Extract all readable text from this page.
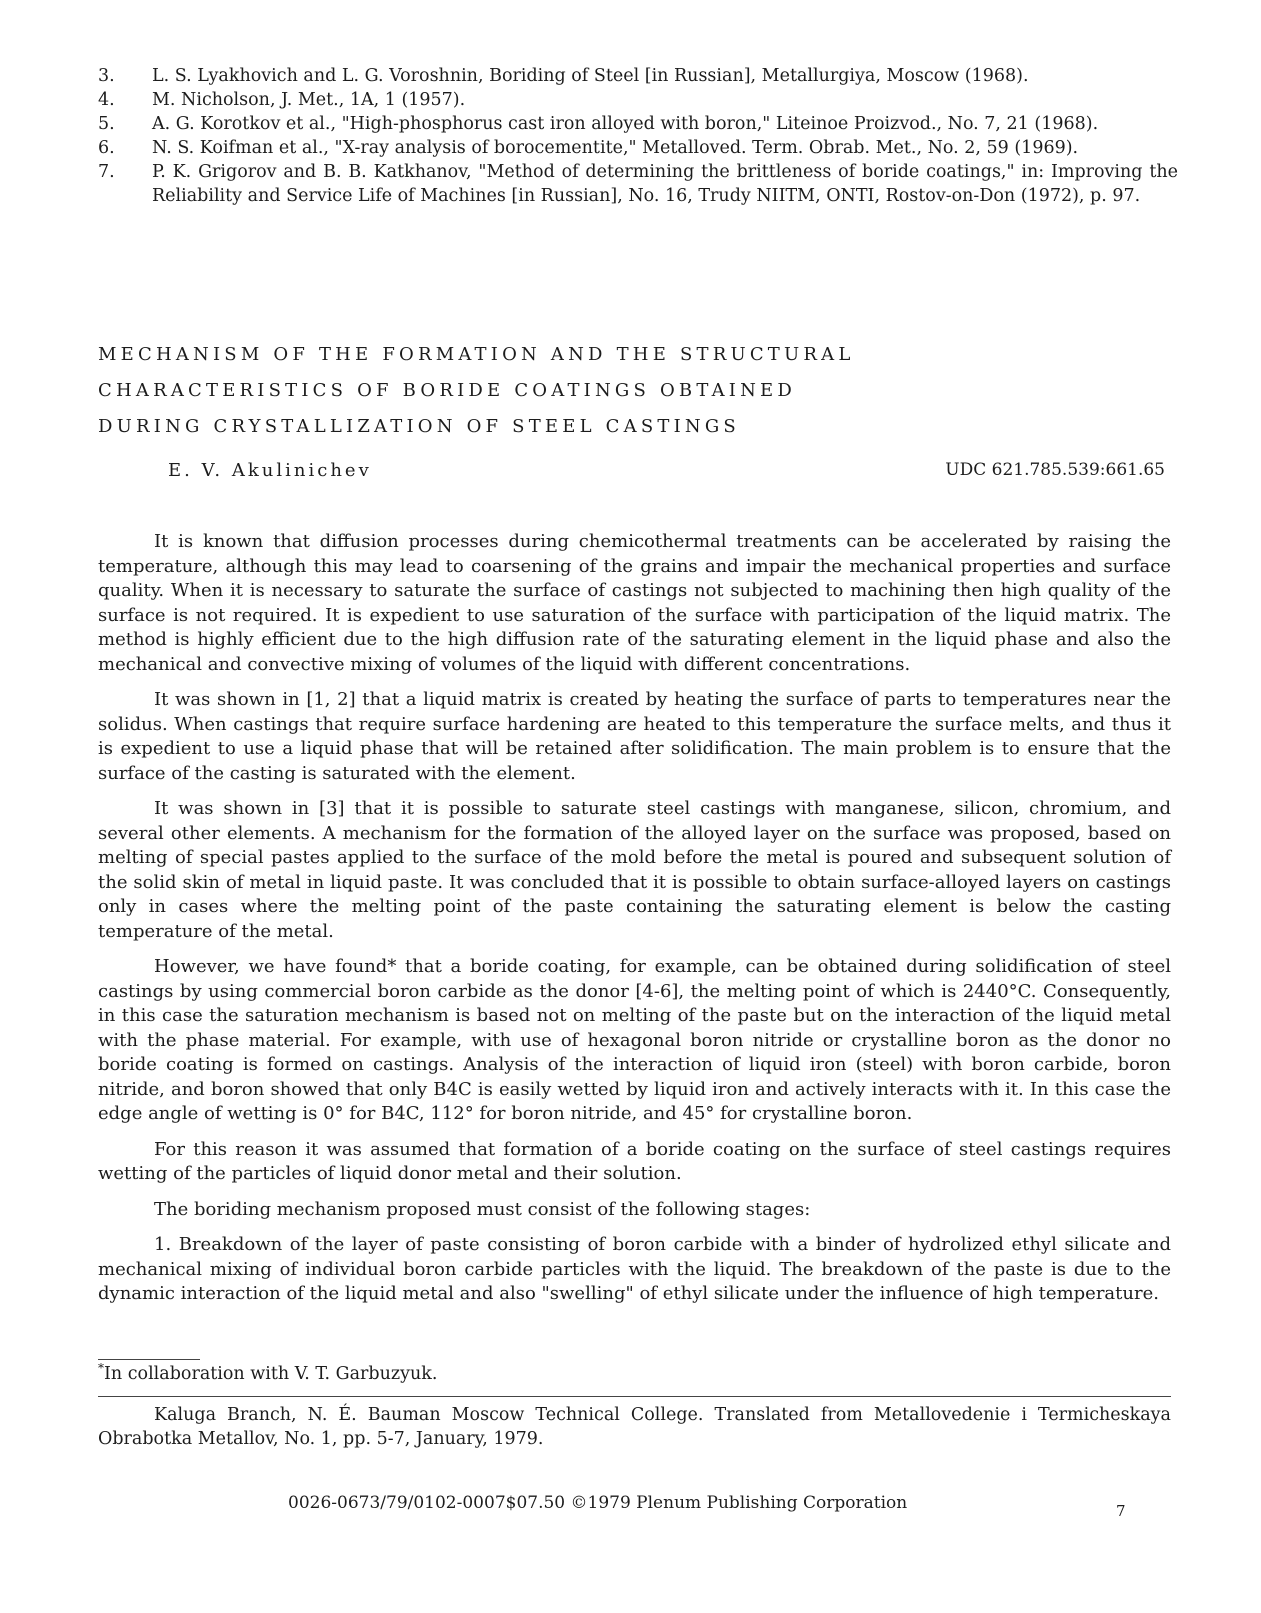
3.	L. S. Lyakhovich and L. G. Voroshnin, Boriding of Steel [in Russian], Metallurgiya, Moscow (1968).
4.	M. Nicholson, J. Met., 1A, 1 (1957).
5.	A. G. Korotkov et al., "High-phosphorus cast iron alloyed with boron," Liteinoe Proizvod., No. 7, 21 (1968).
6.	N. S. Koifman et al., "X-ray analysis of borocementite," Metalloved. Term. Obrab. Met., No. 2, 59 (1969).
7.	P. K. Grigorov and B. B. Katkhanov, "Method of determining the brittleness of boride coatings," in: Improving the Reliability and Service Life of Machines [in Russian], No. 16, Trudy NIITM, ONTI, Rostov-on-Don (1972), p. 97.
MECHANISM OF THE FORMATION AND THE STRUCTURAL
CHARACTERISTICS OF BORIDE COATINGS OBTAINED
DURING CRYSTALLIZATION OF STEEL CASTINGS
E. V. Akulinichev	UDC 621.785.539:661.65

It is known that diffusion processes during chemicothermal treatments can be accelerated by raising the temperature, although this may lead to coarsening of the grains and impair the mechanical properties and surface quality. When it is necessary to saturate the surface of castings not subjected to machining then high quality of the surface is not required. It is expedient to use saturation of the surface with participation of the liquid matrix. The method is highly efficient due to the high diffusion rate of the saturating element in the liquid phase and also the mechanical and convective mixing of volumes of the liquid with different concentrations.

It was shown in [1, 2] that a liquid matrix is created by heating the surface of parts to temperatures near the solidus. When castings that require surface hardening are heated to this temperature the surface melts, and thus it is expedient to use a liquid phase that will be retained after solidification. The main problem is to ensure that the surface of the casting is saturated with the element.

It was shown in [3] that it is possible to saturate steel castings with manganese, silicon, chromium, and several other elements. A mechanism for the formation of the alloyed layer on the surface was proposed, based on melting of special pastes applied to the surface of the mold before the metal is poured and subsequent solution of the solid skin of metal in liquid paste. It was concluded that it is possible to obtain surface-alloyed layers on castings only in cases where the melting point of the paste containing the saturating element is below the casting temperature of the metal.

However, we have found* that a boride coating, for example, can be obtained during solidification of steel castings by using commercial boron carbide as the donor [4-6], the melting point of which is 2440°C. Consequently, in this case the saturation mechanism is based not on melting of the paste but on the interaction of the liquid metal with the phase material. For example, with use of hexagonal boron nitride or crystalline boron as the donor no boride coating is formed on castings. Analysis of the interaction of liquid iron (steel) with boron carbide, boron nitride, and boron showed that only B4C is easily wetted by liquid iron and actively interacts with it. In this case the edge angle of wetting is 0° for B4C, 112° for boron nitride, and 45° for crystalline boron.

For this reason it was assumed that formation of a boride coating on the surface of steel castings requires wetting of the particles of liquid donor metal and their solution.

The boriding mechanism proposed must consist of the following stages:

1. Breakdown of the layer of paste consisting of boron carbide with a binder of hydrolized ethyl silicate and mechanical mixing of individual boron carbide particles with the liquid. The breakdown of the paste is due to the dynamic interaction of the liquid metal and also "swelling" of ethyl silicate under the influence of high temperature.

*In collaboration with V. T. Garbuzyuk.
Kaluga Branch, N. É. Bauman Moscow Technical College. Translated from Metallovedenie i Termicheskaya Obrabotka Metallov, No. 1, pp. 5-7, January, 1979.
0026-0673/79/0102-0007$07.50 ©1979 Plenum Publishing Corporation	7
